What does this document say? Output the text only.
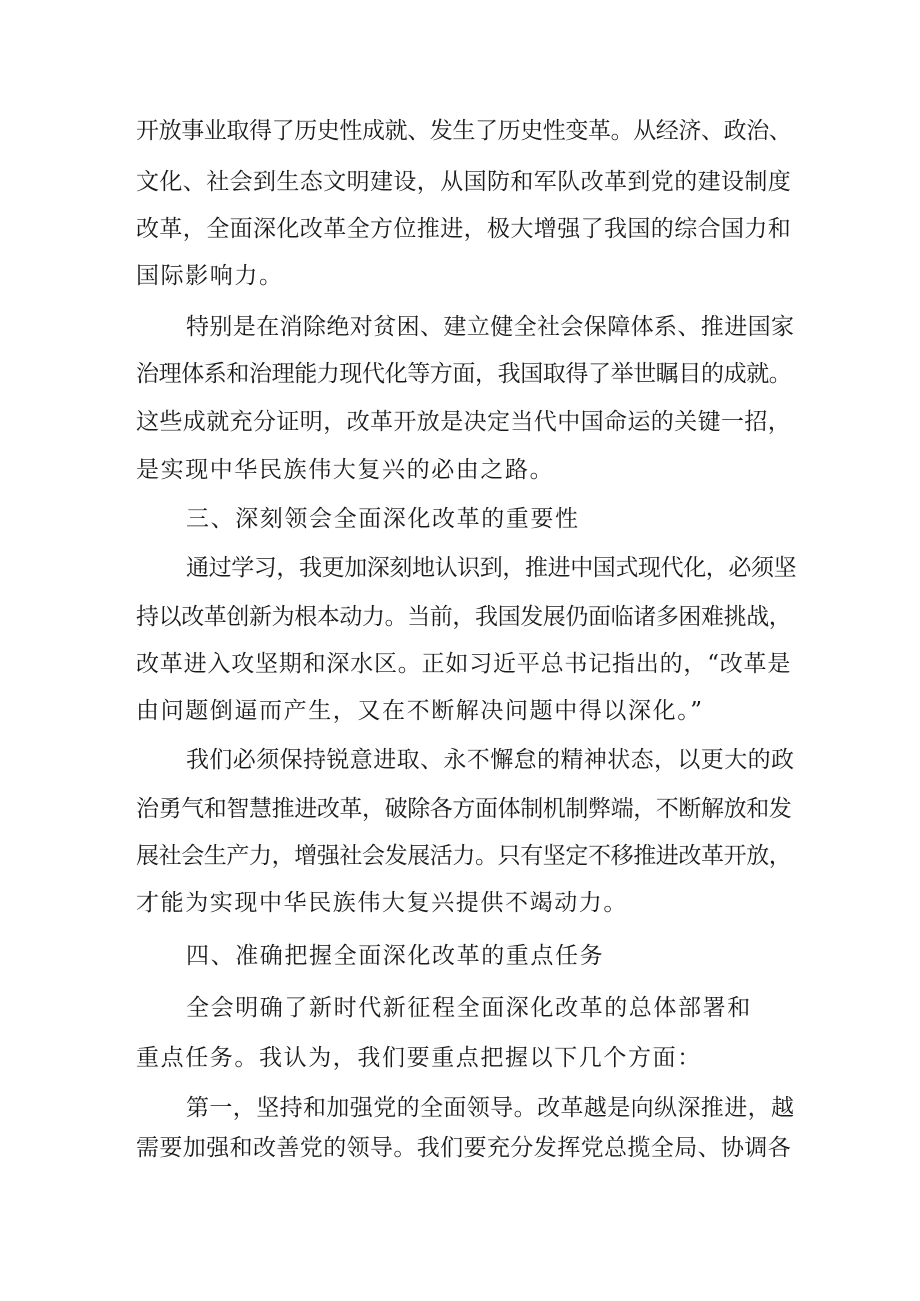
开放事业取得了历史性成就、发生了历史性变革。从经济、政治、
文化、社会到生态文明建设，从国防和军队改革到党的建设制度
改革，全面深化改革全方位推进，极大增强了我国的综合国力和
国际影响力。
特别是在消除绝对贫困、建立健全社会保障体系、推进国家
治理体系和治理能力现代化等方面，我国取得了举世瞩目的成就。
这些成就充分证明，改革开放是决定当代中国命运的关键一招，
是实现中华民族伟大复兴的必由之路。
三、深刻领会全面深化改革的重要性
通过学习，我更加深刻地认识到，推进中国式现代化，必须坚
持以改革创新为根本动力。当前，我国发展仍面临诸多困难挑战，
改革进入攻坚期和深水区。正如习近平总书记指出的，“改革是
由问题倒逼而产生，又在不断解决问题中得以深化。”
我们必须保持锐意进取、永不懈怠的精神状态，以更大的政
治勇气和智慧推进改革，破除各方面体制机制弊端，不断解放和发
展社会生产力，增强社会发展活力。只有坚定不移推进改革开放，
才能为实现中华民族伟大复兴提供不竭动力。
四、准确把握全面深化改革的重点任务
全会明确了新时代新征程全面深化改革的总体部署和
重点任务。我认为，我们要重点把握以下几个方面：
第一，坚持和加强党的全面领导。改革越是向纵深推进，越
需要加强和改善党的领导。我们要充分发挥党总揽全局、协调各
